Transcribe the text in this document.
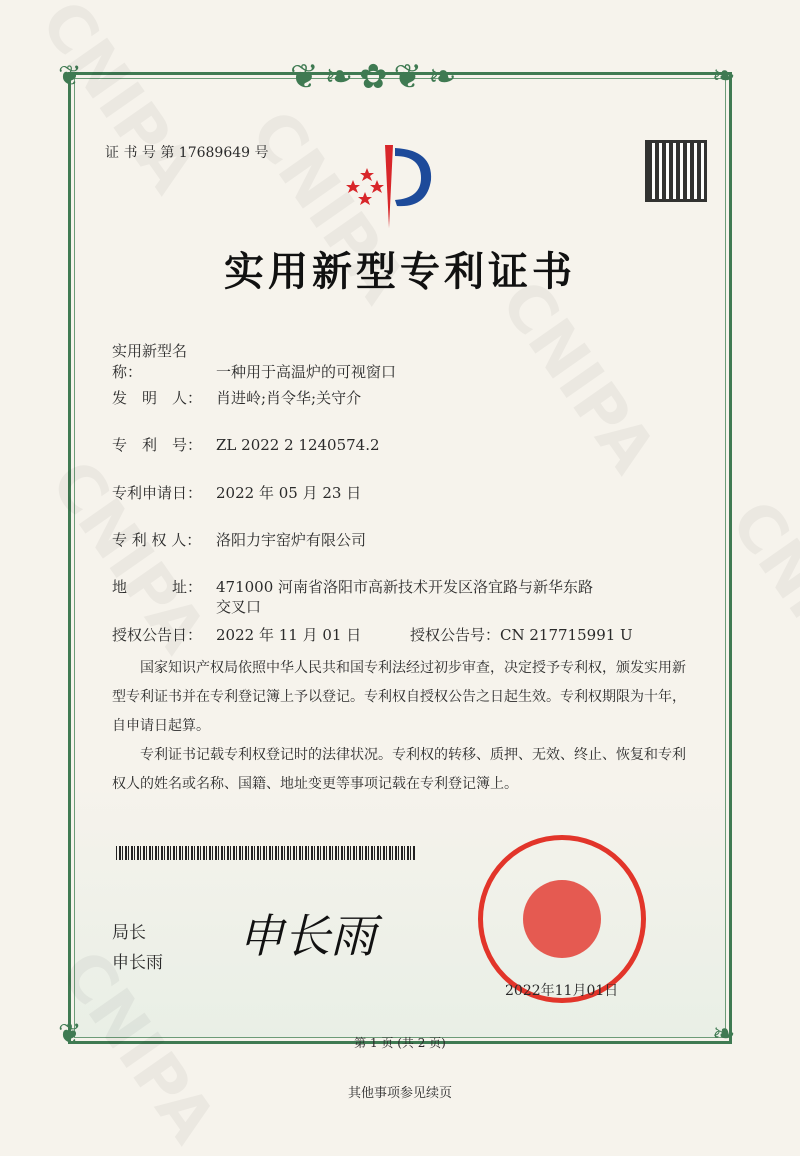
❦❧✿❦❧
❦	❧
❦	❧
证 书 号 第 17689649 号
实用新型专利证书
实用新型名称：	一种用于高温炉的可视窗口
发　明　人： 肖进岭;肖令华;关守介
专　利　号： ZL 2022 2 1240574.2
专利申请日： 2022 年 05 月 23 日
专 利 权 人： 洛阳力宇窑炉有限公司
地　　　址： 471000 河南省洛阳市高新技术开发区洛宜路与新华东路
交叉口
授权公告日： 2022 年 11 月 01 日	授权公告号：CN 217715991 U
国家知识产权局依照中华人民共和国专利法经过初步审查，决定授予专利权，颁发实用新型专利证书并在专利登记簿上予以登记。专利权自授权公告之日起生效。专利权期限为十年，自申请日起算。
专利证书记载专利权登记时的法律状况。专利权的转移、质押、无效、终止、恢复和专利权人的姓名或名称、国籍、地址变更等事项记载在专利登记簿上。
局长
申长雨 申长雨
2022年11月01日
第 1 页 (共 2 页)
其他事项参见续页
